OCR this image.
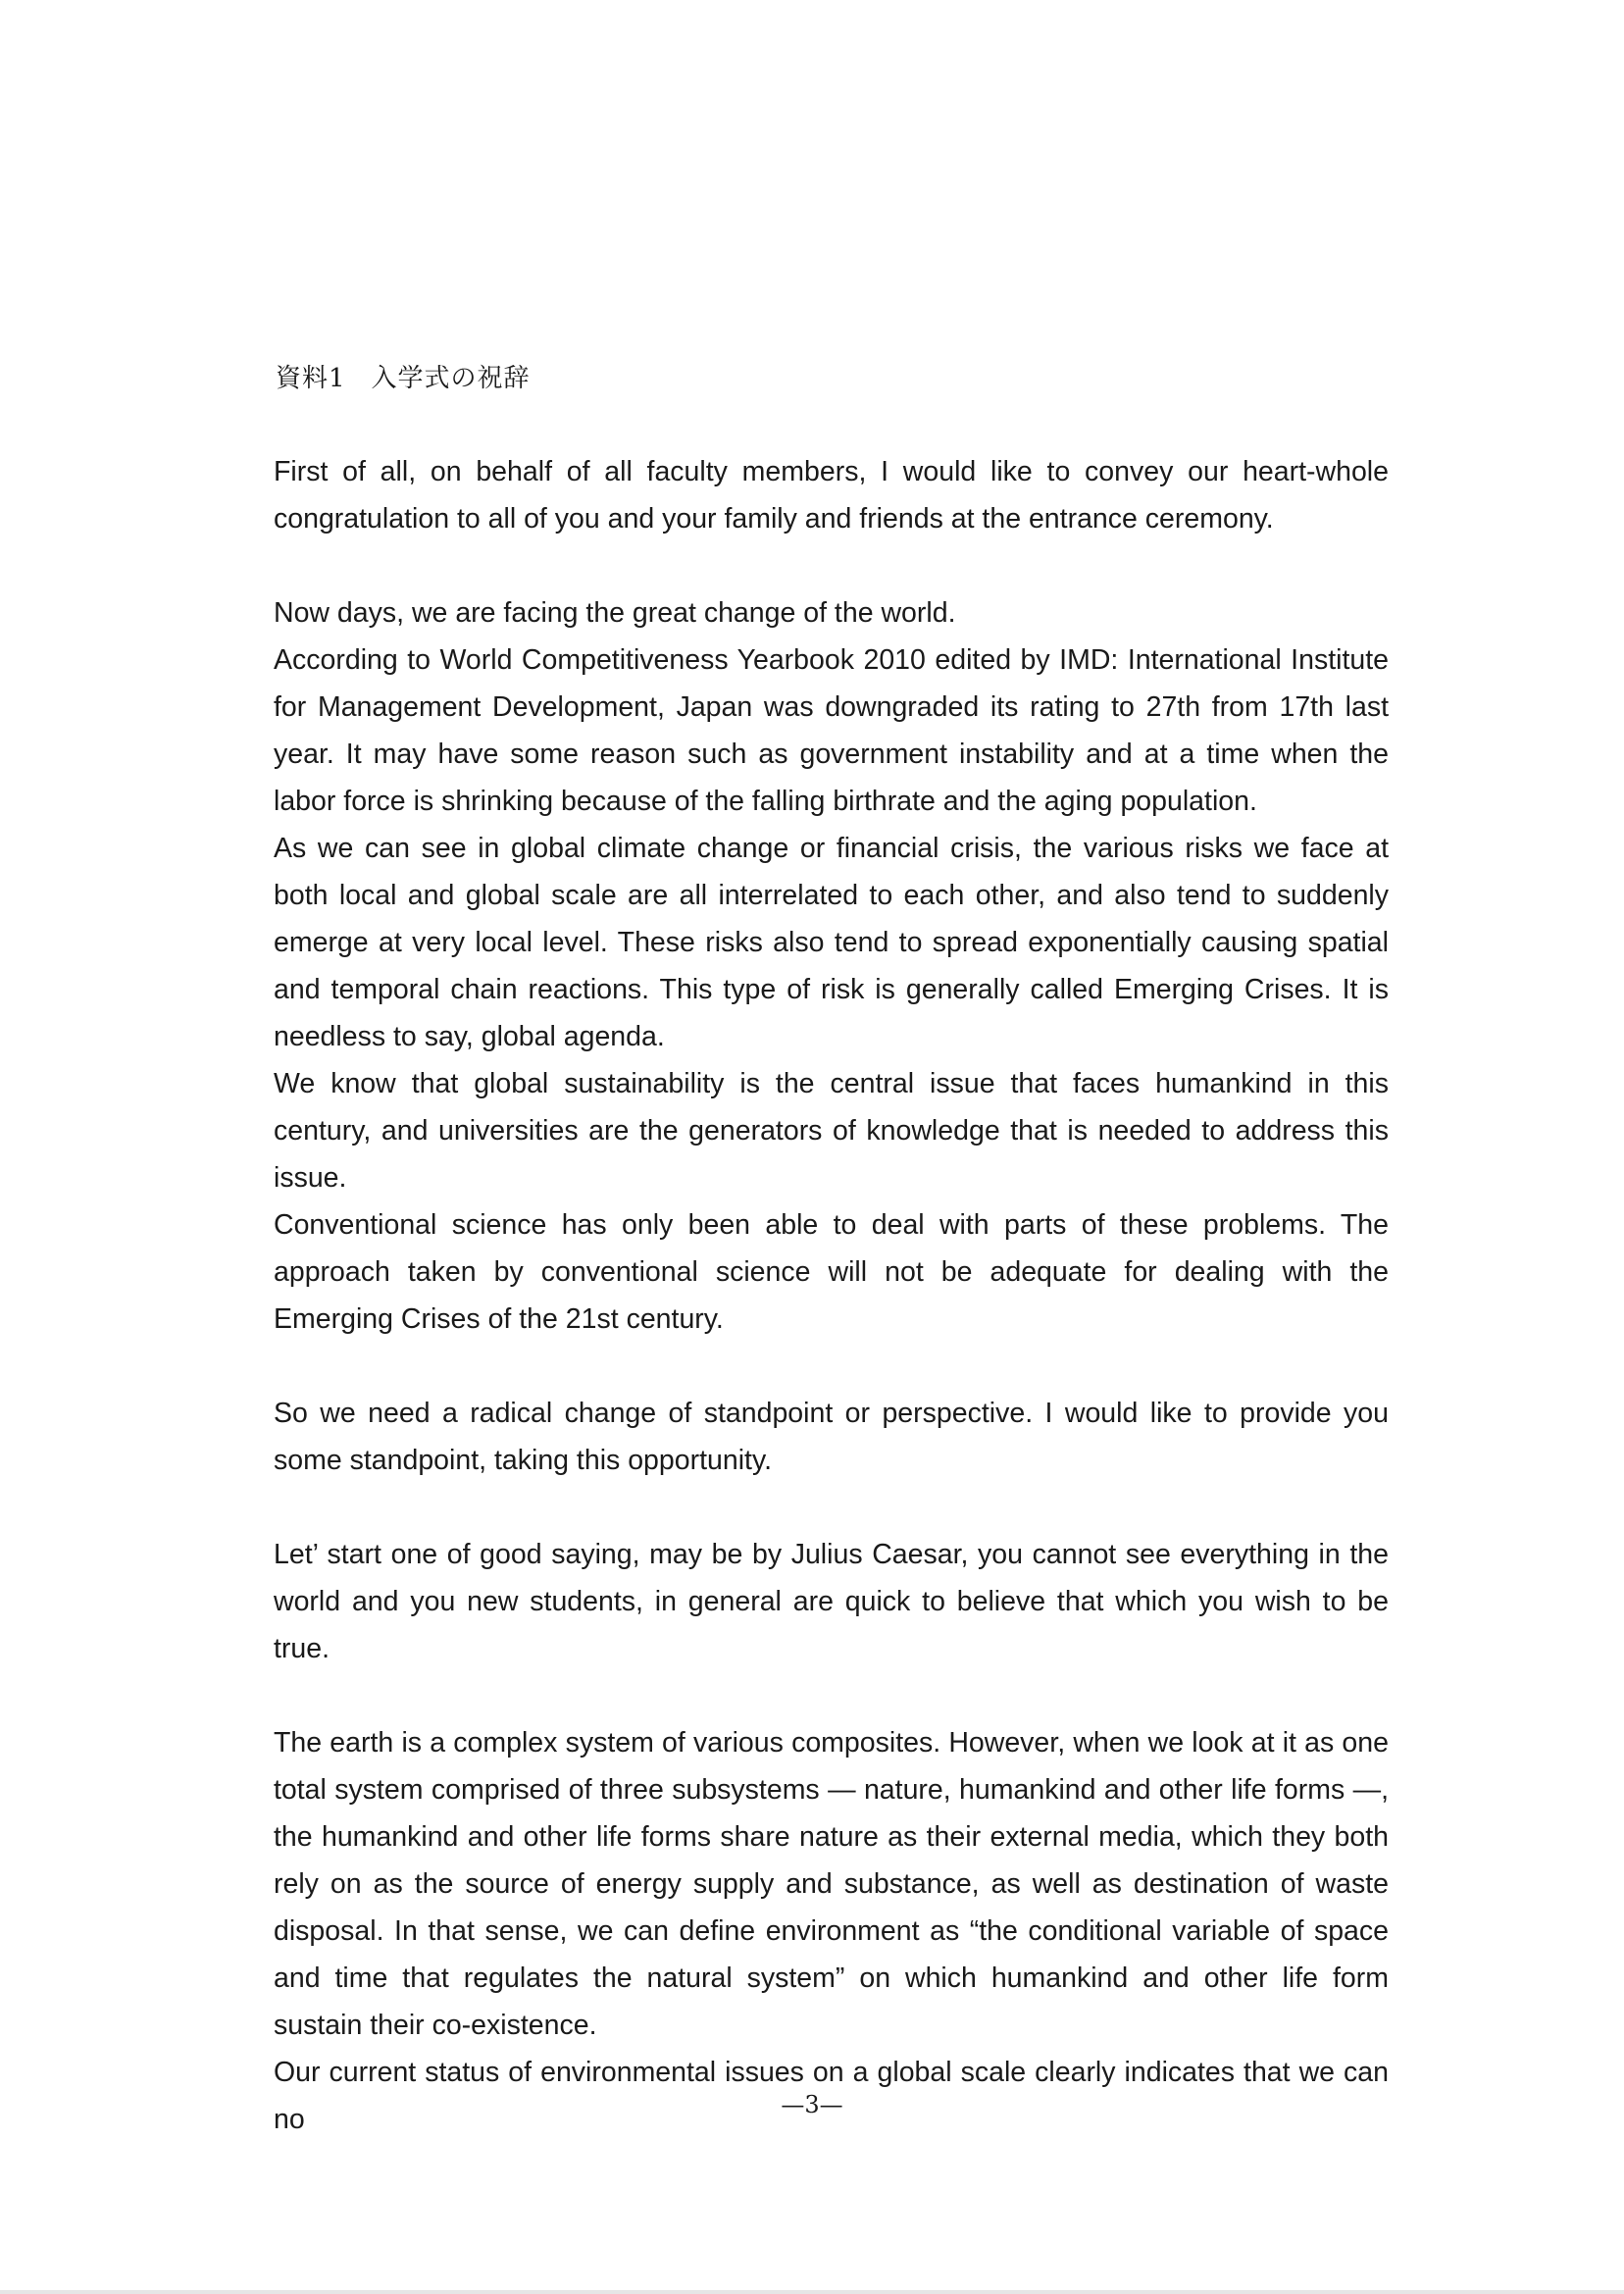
資料1 入学式の祝辞

First of all, on behalf of all faculty members, I would like to convey our heart-whole congratulation to all of you and your family and friends at the entrance ceremony.

Now days, we are facing the great change of the world.

According to World Competitiveness Yearbook 2010 edited by IMD: International Institute for Management Development, Japan was downgraded its rating to 27th from 17th last year. It may have some reason such as government instability and at a time when the labor force is shrinking because of the falling birthrate and the aging population.

As we can see in global climate change or financial crisis, the various risks we face at both local and global scale are all interrelated to each other, and also tend to suddenly emerge at very local level. These risks also tend to spread exponentially causing spatial and temporal chain reactions. This type of risk is generally called Emerging Crises. It is needless to say, global agenda.

We know that global sustainability is the central issue that faces humankind in this century, and universities are the generators of knowledge that is needed to address this issue.

Conventional science has only been able to deal with parts of these problems. The approach taken by conventional science will not be adequate for dealing with the Emerging Crises of the 21st century.

So we need a radical change of standpoint or perspective. I would like to provide you some standpoint, taking this opportunity.

Let’ start one of good saying, may be by Julius Caesar, you cannot see everything in the world and you new students, in general are quick to believe that which you wish to be true.

The earth is a complex system of various composites. However, when we look at it as one total system comprised of three subsystems — nature, humankind and other life forms —, the humankind and other life forms share nature as their external media, which they both rely on as the source of energy supply and substance, as well as destination of waste disposal. In that sense, we can define environment as “the conditional variable of space and time that regulates the natural system” on which humankind and other life form sustain their co-existence.

Our current status of environmental issues on a global scale clearly indicates that we can no	—3—
